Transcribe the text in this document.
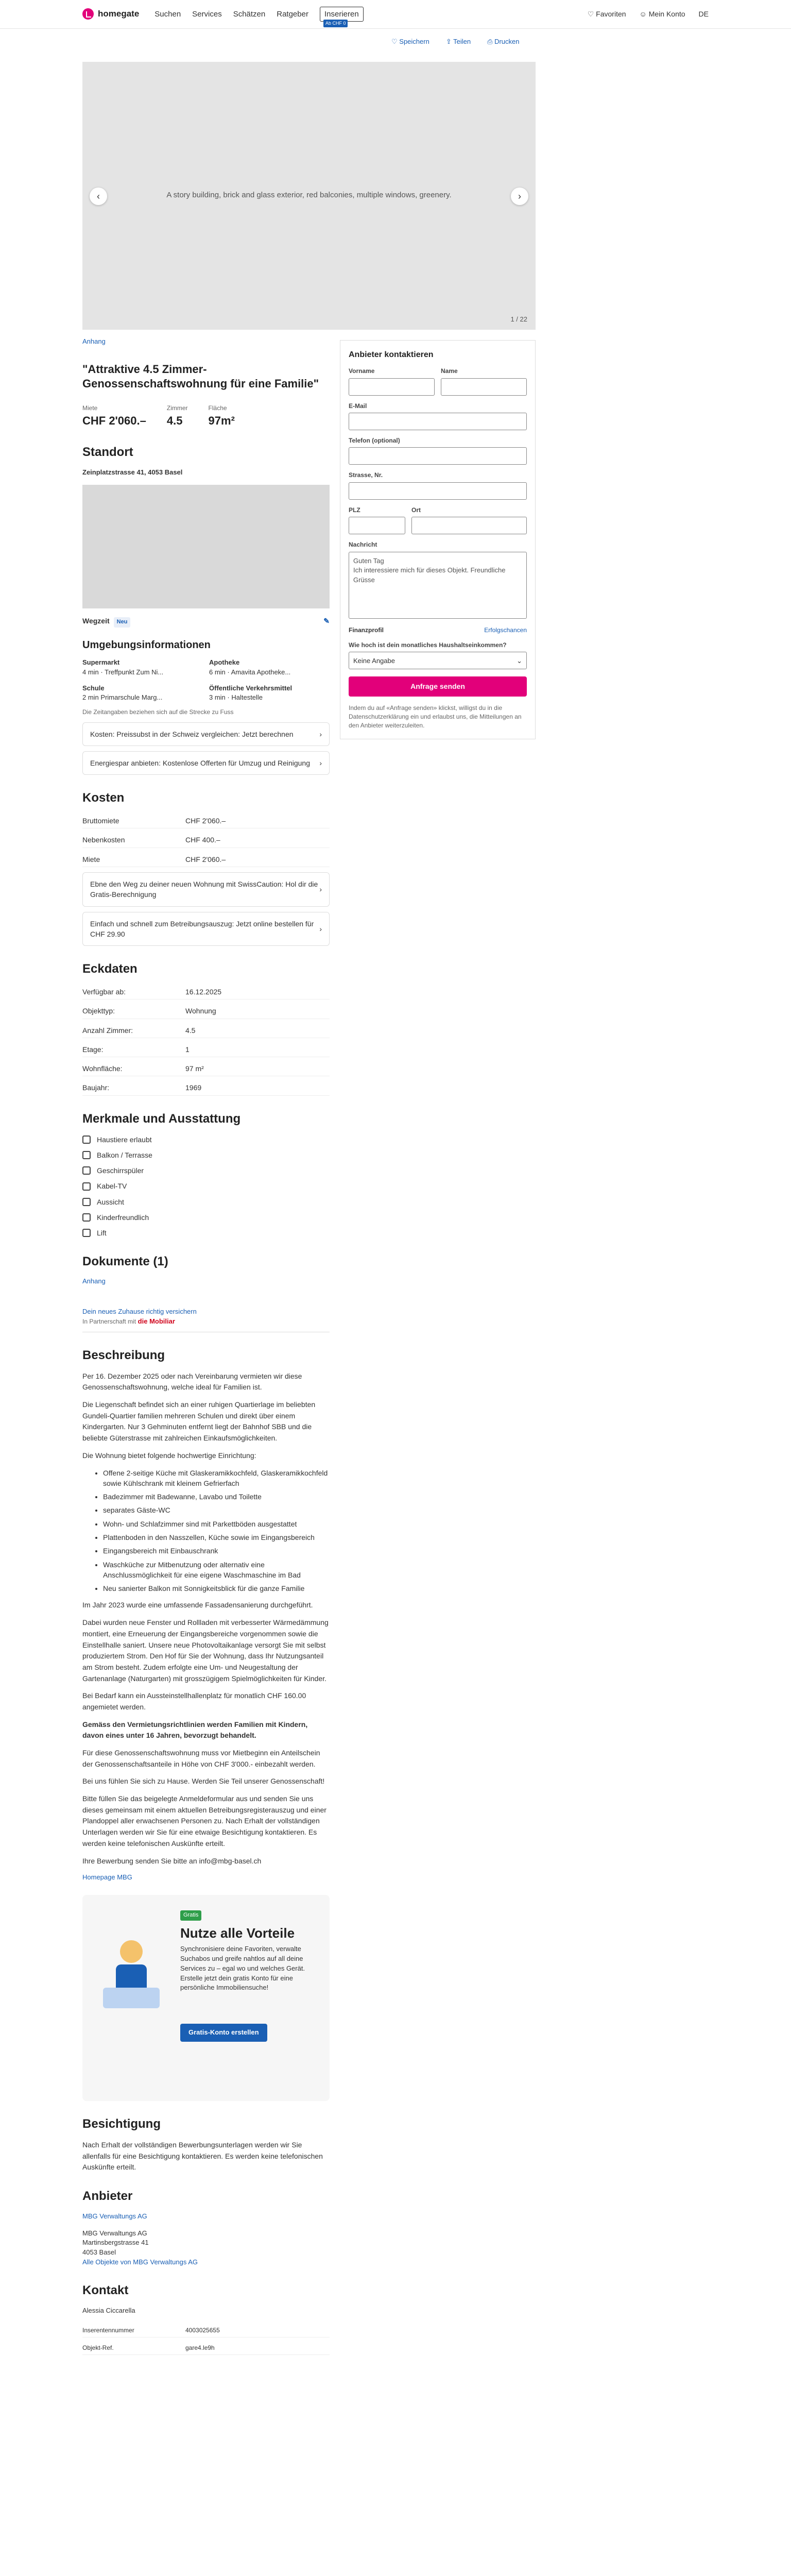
homegate Suchen Services Schätzen Ratgeber	Inserieren
Ab CHF 0
♡ Favoriten ☺ Mein Konto DE
♡ Speichern ⇪ Teilen ⎙ Drucken
‹	›
A story building, brick and glass exterior, red balconies, multiple windows, greenery.
1 / 22
Anhang
"Attraktive 4.5 Zimmer-Genossenschaftswohnung für eine Familie"
Miete
CHF 2'060.–
Zimmer
4.5
Fläche
97m²
Standort
Zeinplatzstrasse 41, 4053 Basel
Wegzeit Neu	✎
Umgebungsinformationen
Supermarkt
4 min · Treffpunkt Zum Ni...
Apotheke
6 min · Amavita Apotheke...
Schule
2 min Primarschule Marg...
Öffentliche Verkehrsmittel
3 min · Haltestelle
Die Zeitangaben beziehen sich auf die Strecke zu Fuss
Kosten: Preissubst in der Schweiz vergleichen: Jetzt berechnen	›
Energiespar anbieten: Kostenlose Offerten für Umzug und Reinigung ›
Kosten
Bruttomiete	CHF 2'060.–
Nebenkosten	CHF 400.–
Miete	CHF 2'060.–
Ebne den Weg zu deiner neuen Wohnung mit SwissCaution: Hol dir die Gratis-Berechnigung
›
Einfach und schnell zum Betreibungsauszug: Jetzt online bestellen für CHF 29.90
›
Eckdaten
Verfügbar ab:	16.12.2025
Objekttyp:	Wohnung
Anzahl Zimmer:	4.5
Etage:	1
Wohnfläche:	97 m²
Baujahr:	1969
Merkmale und Ausstattung
Haustiere erlaubt
Balkon / Terrasse
Geschirrspüler
Kabel-TV
Aussicht
Kinderfreundlich
Lift
Dokumente (1)
Anhang
Dein neues Zuhause richtig versichern
In Partnerschaft mit die Mobiliar
Beschreibung

Per 16. Dezember 2025 oder nach Vereinbarung vermieten wir diese Genossenschaftswohnung, welche ideal für Familien ist.

Die Liegenschaft befindet sich an einer ruhigen Quartierlage im beliebten Gundeli-Quartier familien mehreren Schulen und direkt über einem Kindergarten. Nur 3 Gehminuten entfernt liegt der Bahnhof SBB und die beliebte Güterstrasse mit zahlreichen Einkaufsmöglichkeiten.

Die Wohnung bietet folgende hochwertige Einrichtung:

• Offene 2-seitige Küche mit Glaskeramikkochfeld, Glaskeramikkochfeld sowie Kühlschrank mit kleinem Gefrierfach
• Badezimmer mit Badewanne, Lavabo und Toilette
• separates Gäste-WC
• Wohn- und Schlafzimmer sind mit Parkettböden ausgestattet
• Plattenboden in den Nasszellen, Küche sowie im Eingangsbereich
• Eingangsbereich mit Einbauschrank
• Waschküche zur Mitbenutzung oder alternativ eine Anschlussmöglichkeit für eine eigene Waschmaschine im Bad
• Neu sanierter Balkon mit Sonnigkeitsblick für die ganze Familie

Im Jahr 2023 wurde eine umfassende Fassadensanierung durchgeführt.

Dabei wurden neue Fenster und Rollladen mit verbesserter Wärmedämmung montiert, eine Erneuerung der Eingangsbereiche vorgenommen sowie die Einstellhalle saniert. Unsere neue Photovoltaikanlage versorgt Sie mit selbst produziertem Strom. Den Hof für Sie der Wohnung, dass Ihr Nutzungsanteil am Strom besteht. Zudem erfolgte eine Um- und Neugestaltung der Gartenanlage (Naturgarten) mit grosszügigem Spielmöglichkeiten für Kinder.

Bei Bedarf kann ein Aussteinstellhallenplatz für monatlich CHF 160.00 angemietet werden.

Gemäss den Vermietungsrichtlinien werden Familien mit Kindern, davon eines unter 16 Jahren, bevorzugt behandelt.

Für diese Genossenschaftswohnung muss vor Mietbeginn ein Anteilschein der Genossenschaftsanteile in Höhe von CHF 3'000.- einbezahlt werden.

Bei uns fühlen Sie sich zu Hause. Werden Sie Teil unserer Genossenschaft!

Bitte füllen Sie das beigelegte Anmeldeformular aus und senden Sie uns dieses gemeinsam mit einem aktuellen Betreibungsregisterauszug und einer Plandoppel aller erwachsenen Personen zu. Nach Erhalt der vollständigen Unterlagen werden wir Sie für eine etwaige Besichtigung kontaktieren. Es werden keine telefonischen Auskünfte erteilt.

Ihre Bewerbung senden Sie bitte an info@mbg-basel.ch

Homepage MBG
Gratis
Nutze alle Vorteile
Synchronisiere deine Favoriten, verwalte Suchabos und greife nahtlos auf all deine Services zu – egal wo und welches Gerät. Erstelle jetzt dein gratis Konto für eine persönliche Immobiliensuche!
Gratis-Konto erstellen
Besichtigung

Nach Erhalt der vollständigen Bewerbungsunterlagen werden wir Sie allenfalls für eine Besichtigung kontaktieren. Es werden keine telefonischen Auskünfte erteilt.

Anbieter
MBG Verwaltungs AG
MBG Verwaltungs AG
Martinsbergstrasse 41
4053 Basel
Alle Objekte von MBG Verwaltungs AG
Kontakt
Alessia Ciccarella
Inserentennummer	4003025655
Objekt-Ref.	gare4.le9h
Anbieter kontaktieren
Vorname	Name
E-Mail
Telefon (optional)
Strasse, Nr.
PLZ	Ort
Nachricht
Guten Tag
Ich interessiere mich für dieses Objekt. Freundliche Grüsse
Finanzprofil	Erfolgschancen
Wie hoch ist dein monatliches Haushaltseinkommen?
Keine Angabe	⌄
Anfrage senden
Indem du auf «Anfrage senden» klickst, willigst du in die Datenschutzerklärung ein und erlaubst uns, die Mitteilungen an den Anbieter weiterzuleiten.
